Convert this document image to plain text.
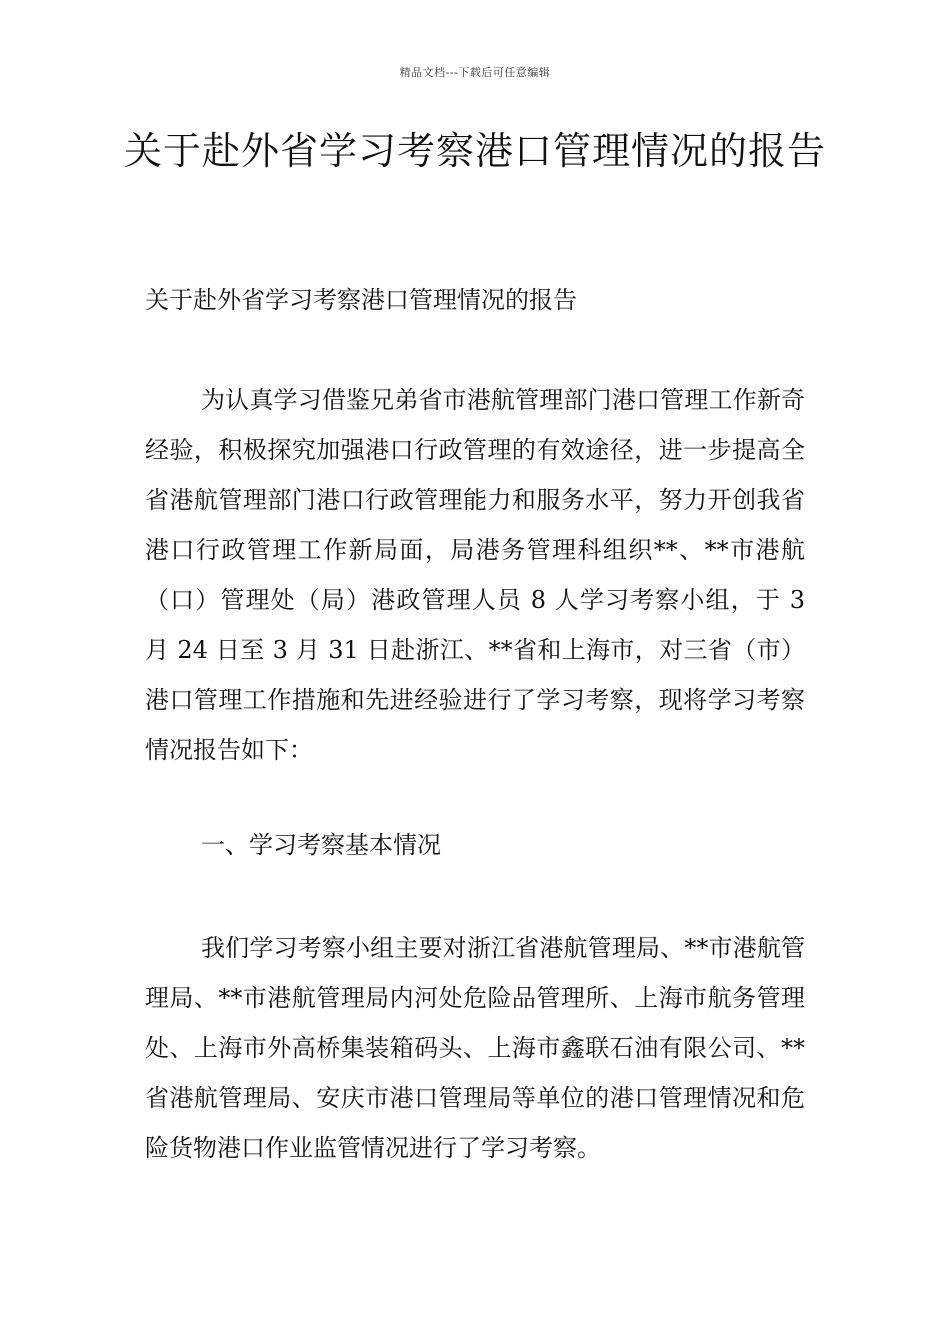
精品文档---下载后可任意编辑
关于赴外省学习考察港口管理情况的报告

关于赴外省学习考察港口管理情况的报告

为认真学习借鉴兄弟省市港航管理部门港口管理工作新奇经验，积极探究加强港口行政管理的有效途径，进一步提高全省港航管理部门港口行政管理能力和服务水平，努力开创我省港口行政管理工作新局面，局港务管理科组织**、**市港航（口）管理处（局）港政管理人员 8 人学习考察小组，于 3 月 24 日至 3 月 31 日赴浙江、**省和上海市，对三省（市）港口管理工作措施和先进经验进行了学习考察，现将学习考察情况报告如下：

一、学习考察基本情况

我们学习考察小组主要对浙江省港航管理局、**市港航管理局、**市港航管理局内河处危险品管理所、上海市航务管理处、上海市外高桥集装箱码头、上海市鑫联石油有限公司、**省港航管理局、安庆市港口管理局等单位的港口管理情况和危险货物港口作业监管情况进行了学习考察。
